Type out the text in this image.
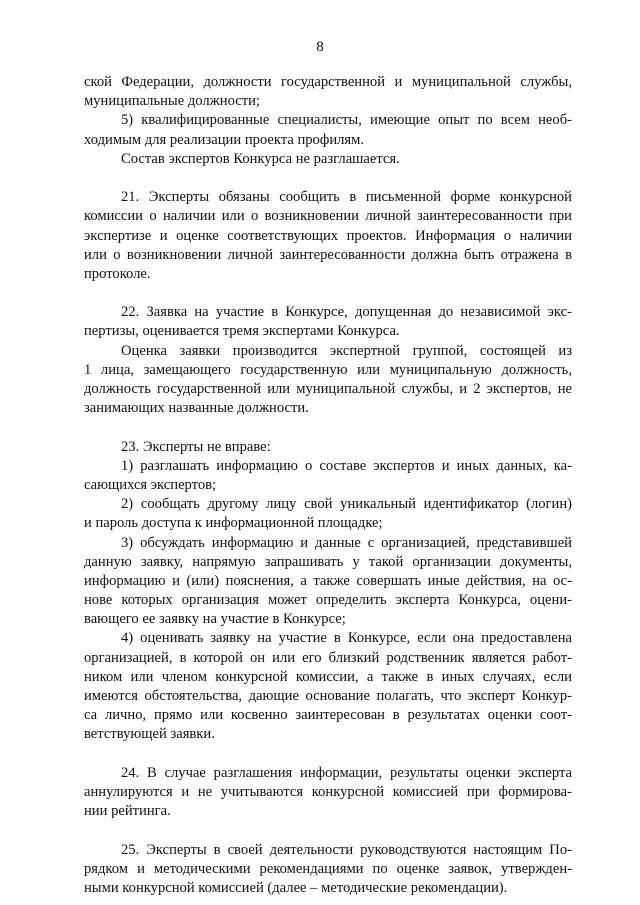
8
ской Федерации, должности государственной и муниципальной службы,
муниципальные должности;
5) квалифицированные специалисты, имеющие опыт по всем необ-
ходимым для реализации проекта профилям.
Состав экспертов Конкурса не разглашается.
21. Эксперты обязаны сообщить в письменной форме конкурсной
комиссии о наличии или о возникновении личной заинтересованности при
экспертизе и оценке соответствующих проектов. Информация о наличии
или о возникновении личной заинтересованности должна быть отражена в
протоколе.
22. Заявка на участие в Конкурсе, допущенная до независимой экс-
пертизы, оценивается тремя экспертами Конкурса.
Оценка заявки производится экспертной группой, состоящей из
1 лица, замещающего государственную или муниципальную должность,
должность государственной или муниципальной службы, и 2 экспертов, не
занимающих названные должности.
23. Эксперты не вправе:
1) разглашать информацию о составе экспертов и иных данных, ка-
сающихся экспертов;
2) сообщать другому лицу свой уникальный идентификатор (логин)
и пароль доступа к информационной площадке;
3) обсуждать информацию и данные с организацией, представившей
данную заявку, напрямую запрашивать у такой организации документы,
информацию и (или) пояснения, а также совершать иные действия, на ос-
нове которых организация может определить эксперта Конкурса, оцени-
вающего ее заявку на участие в Конкурсе;
4) оценивать заявку на участие в Конкурсе, если она предоставлена
организацией, в которой он или его близкий родственник является работ-
ником или членом конкурсной комиссии, а также в иных случаях, если
имеются обстоятельства, дающие основание полагать, что эксперт Конкур-
са лично, прямо или косвенно заинтересован в результатах оценки соот-
ветствующей заявки.
24. В случае разглашения информации, результаты оценки эксперта
аннулируются и не учитываются конкурсной комиссией при формирова-
нии рейтинга.
25. Эксперты в своей деятельности руководствуются настоящим По-
рядком и методическими рекомендациями по оценке заявок, утвержден-
ными конкурсной комиссией (далее – методические рекомендации).
